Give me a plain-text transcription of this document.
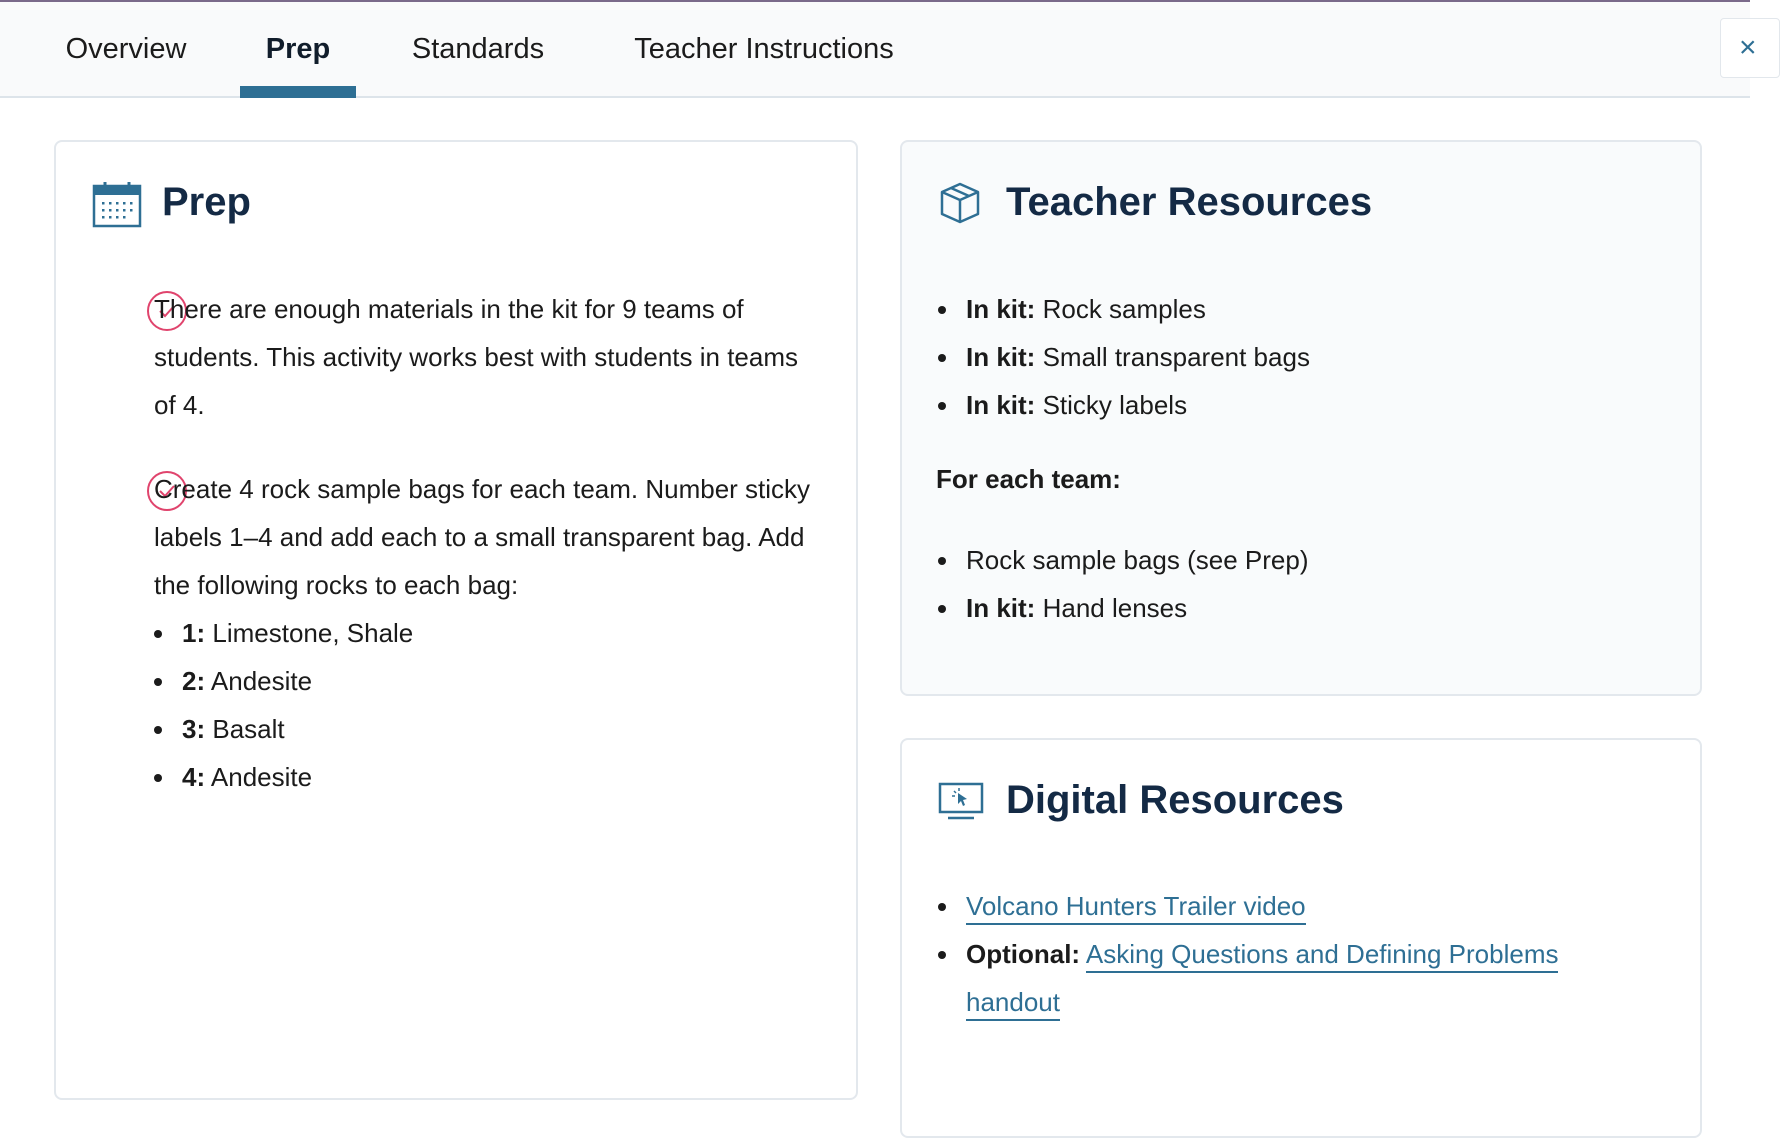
Overview	Prep	Standards	Teacher Instructions	×
Prep
There are enough materials in the kit for 9 teams of students. This activity works best with students in teams of 4.
Create 4 rock sample bags for each team. Number sticky labels 1–4 and add each to a small transparent bag. Add the following rocks to each bag:
1: Limestone, Shale
2: Andesite
3: Basalt
4: Andesite
Teacher Resources
In kit: Rock samples
In kit: Small transparent bags
In kit: Sticky labels
For each team:
Rock sample bags (see Prep)
In kit: Hand lenses
Digital Resources
Volcano Hunters Trailer video
Optional: Asking Questions and Defining Problems handout
